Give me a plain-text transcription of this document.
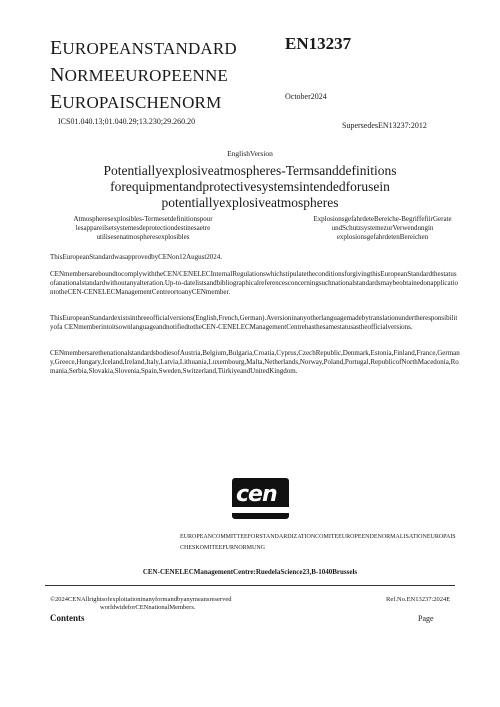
EUROPEANSTANDARD
NORMEEUROPEENNE
EUROPAISCHENORM
EN13237
October2024
ICS01.040.13;01.040.29;13.230;29.260.20	SupersedesEN13237:2012
EnglishVersion
Potentiallyexplosiveatmospheres-Termsanddefinitions
forequipmentandprotectivesystemsintendedforusein
potentiallyexplosiveatmospheres
Atmospheresexplosibles-Termesetdefinitionspour
lesappareilsetsystemesdeprotectiondestinesaetre
utilisesenatmospheresexplosibles
ExplosionsgefahrdeteBereiche-BegriffefiirGerate
undSchutzsystemezurVerwendungin
explosionsgefahrdetenBereichen
ThisEuropeanStandardwasapprovedbyCENon12August2024.
CENmembersareboundtocomplywiththeCEN/CENELECInternalRegulationswhichstipulatetheconditionsforgivingthisEuropeanStandardthestatusofanationalstandardwithoutanyalteration.Up-to-datelistsandbibliographicalreferencesconcerningsuchnationalstandardsmaybeobtainedonapplicationtotheCEN-CENELECManagementCentreortoanyCENmember.
ThisEuropeanStandardexistsinthreeofficialversions(English,French,German).Aversioninanyotherlanguagemadebytranslationundertheresponsibilityofa CENmemberintoitsownlanguageandnotifiedtotheCEN-CENELECManagementCentrehasthesamestatusastheofficialversions.
CENmembersarethenationalstandardsbodiesofAustria,Belgium,Bulgaria,Croatia,Cyprus,CzechRepublic,Denmark,Estonia,Finland,France,Germany,Greece,Hungary,Iceland,Ireland,Italy,Latvia,Lithuania,Luxembourg,Malta,Netherlands,Norway,Poland,Portugal,RepublicofNorthMacedonia,Romania,Serbia,Slovakia,Slovenia,Spain,Sweden,Switzerland,TiirkiyeandUnitedKingdom.
cen
EUROPEANCOMMITTEEFORSTANDARDIZATIONCOMITEEUROPEENDENORMALISATIONEUROPAIS
CHESKOMITEEFURNORMUNG
CEN-CENELECManagementCentre:RuedelaScience23,B-1040Brussels
©2024CENAllrightsofexploitationinanyformandbyanymeansreserved
worldwideforCENnationalMembers.
Ref.No.EN13237:2024E
Contents	Page
